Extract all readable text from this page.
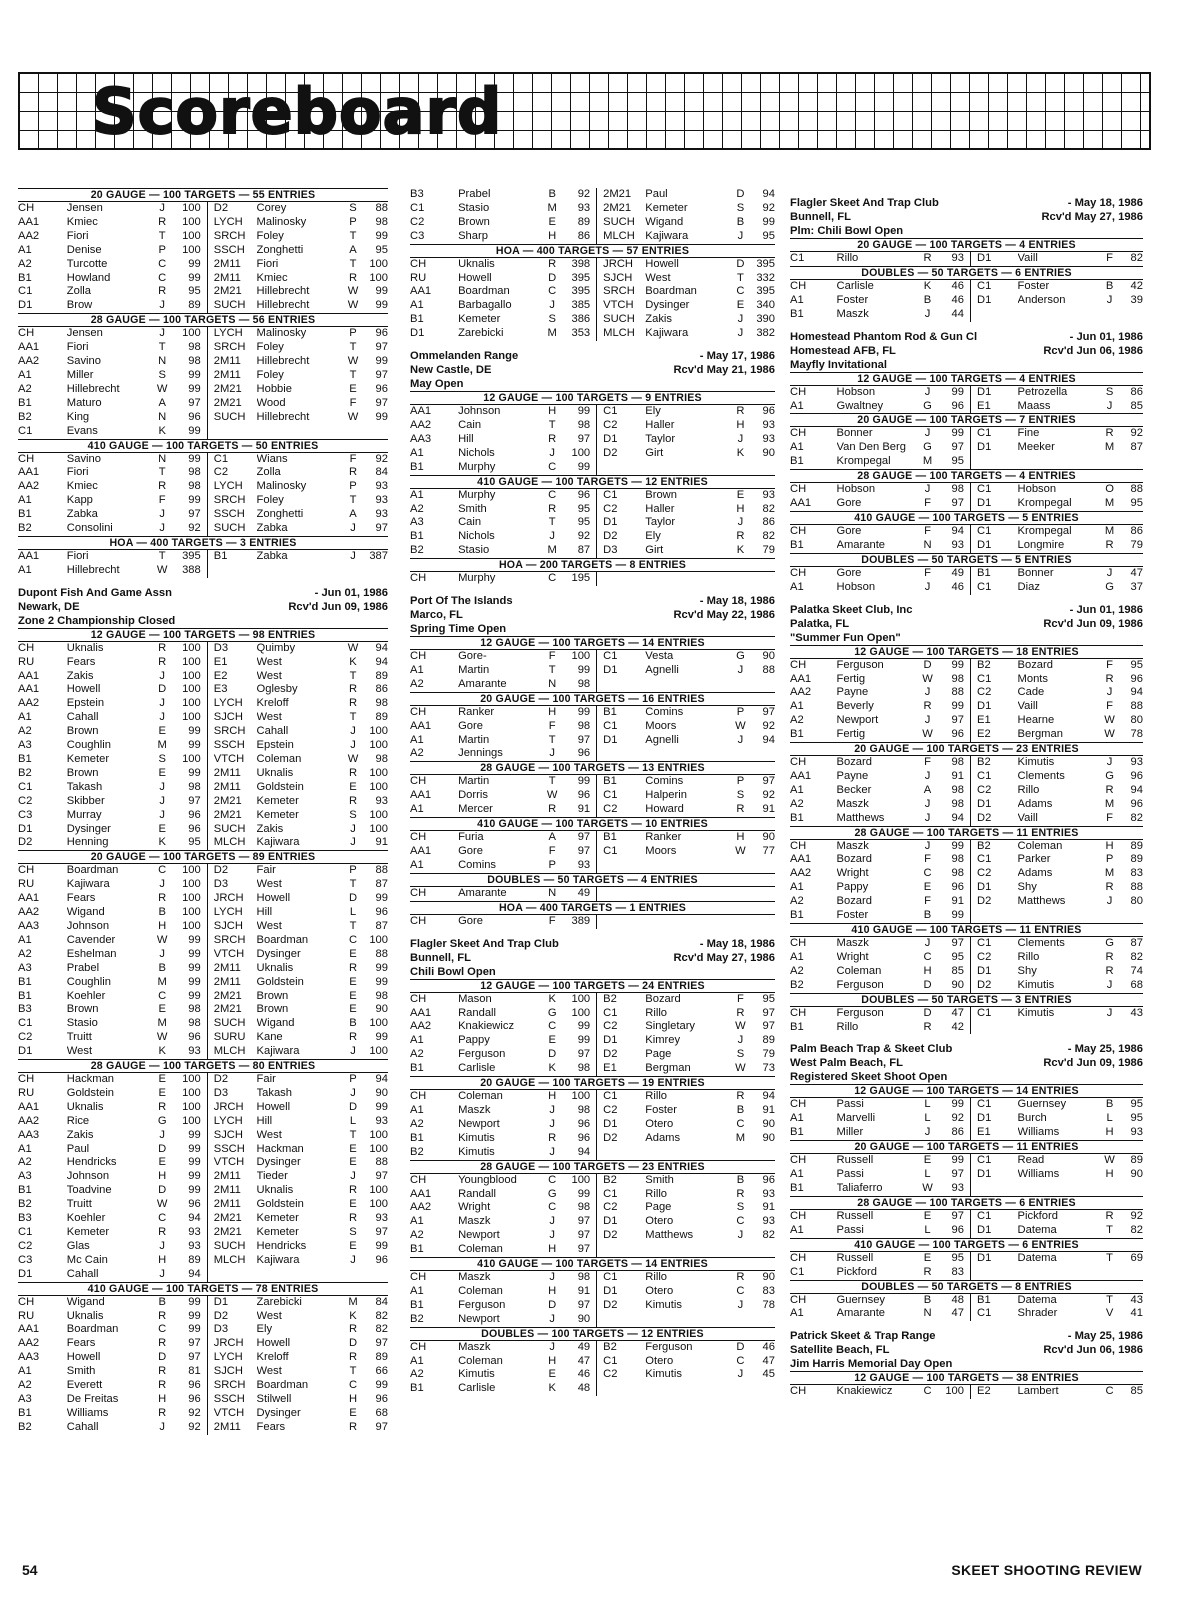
Scoreboard
20 GAUGE — 100 TARGETS — 55 ENTRIES
CH	Jensen	J	100	D2	Corey	S	88
AA1	Kmiec	R	100	LYCH	Malinosky	P	98
AA2	Fiori	T	100	SRCH	Foley	T	99
A1	Denise	P	100	SSCH	Zonghetti	A	95
A2	Turcotte	C	99	2M11	Fiori	T	100
B1	Howland	C	99	2M11	Kmiec	R	100
C1	Zolla	R	95	2M21	Hillebrecht	W	99
D1	Brow	J	89	SUCH	Hillebrecht	W	99
28 GAUGE — 100 TARGETS — 56 ENTRIES
CH	Jensen	J	100	LYCH	Malinosky	P	96
AA1	Fiori	T	98	SRCH	Foley	T	97
AA2	Savino	N	98	2M11	Hillebrecht	W	99
A1	Miller	S	99	2M11	Foley	T	97
A2	Hillebrecht	W	99	2M21	Hobbie	E	96
B1	Maturo	A	97	2M21	Wood	F	97
B2	King	N	96	SUCH	Hillebrecht	W	99
C1	Evans	K	99				
410 GAUGE — 100 TARGETS — 50 ENTRIES
CH	Savino	N	99	C1	Wians	F	92
AA1	Fiori	T	98	C2	Zolla	R	84
AA2	Kmiec	R	98	LYCH	Malinosky	P	93
A1	Kapp	F	99	SRCH	Foley	T	93
B1	Zabka	J	97	SSCH	Zonghetti	A	93
B2	Consolini	J	92	SUCH	Zabka	J	97
HOA — 400 TARGETS — 3 ENTRIES
AA1	Fiori	T	395	B1	Zabka	J	387
A1	Hillebrecht	W	388				
Dupont Fish And Game Assn	- Jun 01, 1986
Newark, DE	Rcv'd Jun 09, 1986
Zone 2 Championship Closed
12 GAUGE — 100 TARGETS — 98 ENTRIES
CH	Uknalis	R	100	D3	Quimby	W	94
RU	Fears	R	100	E1	West	K	94
AA1	Zakis	J	100	E2	West	T	89
AA1	Howell	D	100	E3	Oglesby	R	86
AA2	Epstein	J	100	LYCH	Kreloff	R	98
A1	Cahall	J	100	SJCH	West	T	89
A2	Brown	E	99	SRCH	Cahall	J	100
A3	Coughlin	M	99	SSCH	Epstein	J	100
B1	Kemeter	S	100	VTCH	Coleman	W	98
B2	Brown	E	99	2M11	Uknalis	R	100
C1	Takash	J	98	2M11	Goldstein	E	100
C2	Skibber	J	97	2M21	Kemeter	R	93
C3	Murray	J	96	2M21	Kemeter	S	100
D1	Dysinger	E	96	SUCH	Zakis	J	100
D2	Henning	K	95	MLCH	Kajiwara	J	91
20 GAUGE — 100 TARGETS — 89 ENTRIES
CH	Boardman	C	100	D2	Fair	P	88
RU	Kajiwara	J	100	D3	West	T	87
AA1	Fears	R	100	JRCH	Howell	D	99
AA2	Wigand	B	100	LYCH	Hill	L	96
AA3	Johnson	H	100	SJCH	West	T	87
A1	Cavender	W	99	SRCH	Boardman	C	100
A2	Eshelman	J	99	VTCH	Dysinger	E	88
A3	Prabel	B	99	2M11	Uknalis	R	99
B1	Coughlin	M	99	2M11	Goldstein	E	99
B1	Koehler	C	99	2M21	Brown	E	98
B3	Brown	E	98	2M21	Brown	E	90
C1	Stasio	M	98	SUCH	Wigand	B	100
C2	Truitt	W	96	SURU	Kane	R	99
D1	West	K	93	MLCH	Kajiwara	J	100
28 GAUGE — 100 TARGETS — 80 ENTRIES
CH	Hackman	E	100	D2	Fair	P	94
RU	Goldstein	E	100	D3	Takash	J	90
AA1	Uknalis	R	100	JRCH	Howell	D	99
AA2	Rice	G	100	LYCH	Hill	L	93
AA3	Zakis	J	99	SJCH	West	T	100
A1	Paul	D	99	SSCH	Hackman	E	100
A2	Hendricks	E	99	VTCH	Dysinger	E	88
A3	Johnson	H	99	2M11	Tieder	J	97
B1	Toadvine	D	99	2M11	Uknalis	R	100
B2	Truitt	W	96	2M11	Goldstein	E	100
B3	Koehler	C	94	2M21	Kemeter	R	93
C1	Kemeter	R	93	2M21	Kemeter	S	97
C2	Glas	J	93	SUCH	Hendricks	E	99
C3	Mc Cain	H	89	MLCH	Kajiwara	J	96
D1	Cahall	J	94				
410 GAUGE — 100 TARGETS — 78 ENTRIES
CH	Wigand	B	99	D1	Zarebicki	M	84
RU	Uknalis	R	99	D2	West	K	82
AA1	Boardman	C	99	D3	Ely	R	82
AA2	Fears	R	97	JRCH	Howell	D	97
AA3	Howell	D	97	LYCH	Kreloff	R	89
A1	Smith	R	81	SJCH	West	T	66
A2	Everett	R	96	SRCH	Boardman	C	99
A3	De Freitas	H	96	SSCH	Stilwell	H	96
B1	Williams	R	92	VTCH	Dysinger	E	68
B2	Cahall	J	92	2M11	Fears	R	97
B3	Prabel	B	92	2M21	Paul	D	94
C1	Stasio	M	93	2M21	Kemeter	S	92
C2	Brown	E	89	SUCH	Wigand	B	99
C3	Sharp	H	86	MLCH	Kajiwara	J	95
HOA — 400 TARGETS — 57 ENTRIES
CH	Uknalis	R	398	JRCH	Howell	D	395
RU	Howell	D	395	SJCH	West	T	332
AA1	Boardman	C	395	SRCH	Boardman	C	395
A1	Barbagallo	J	385	VTCH	Dysinger	E	340
B1	Kemeter	S	386	SUCH	Zakis	J	390
D1	Zarebicki	M	353	MLCH	Kajiwara	J	382
Ommelanden Range	- May 17, 1986
New Castle, DE	Rcv'd May 21, 1986
May Open
12 GAUGE — 100 TARGETS — 9 ENTRIES
AA1	Johnson	H	99	C1	Ely	R	96
AA2	Cain	T	98	C2	Haller	H	93
AA3	Hill	R	97	D1	Taylor	J	93
A1	Nichols	J	100	D2	Girt	K	90
B1	Murphy	C	99				
410 GAUGE — 100 TARGETS — 12 ENTRIES
A1	Murphy	C	96	C1	Brown	E	93
A2	Smith	R	95	C2	Haller	H	82
A3	Cain	T	95	D1	Taylor	J	86
B1	Nichols	J	92	D2	Ely	R	82
B2	Stasio	M	87	D3	Girt	K	79
HOA — 200 TARGETS — 8 ENTRIES
CH	Murphy	C	195				
Port Of The Islands	- May 18, 1986
Marco, FL	Rcv'd May 22, 1986
Spring Time Open
12 GAUGE — 100 TARGETS — 14 ENTRIES
CH	Gore-	F	100	C1	Vesta	G	90
A1	Martin	T	99	D1	Agnelli	J	88
A2	Amarante	N	98				
20 GAUGE — 100 TARGETS — 16 ENTRIES
CH	Ranker	H	99	B1	Comins	P	97
AA1	Gore	F	98	C1	Moors	W	92
A1	Martin	T	97	D1	Agnelli	J	94
A2	Jennings	J	96				
28 GAUGE — 100 TARGETS — 13 ENTRIES
CH	Martin	T	99	B1	Comins	P	97
AA1	Dorris	W	96	C1	Halperin	S	92
A1	Mercer	R	91	C2	Howard	R	91
410 GAUGE — 100 TARGETS — 10 ENTRIES
CH	Furia	A	97	B1	Ranker	H	90
AA1	Gore	F	97	C1	Moors	W	77
A1	Comins	P	93				
DOUBLES — 50 TARGETS — 4 ENTRIES
CH	Amarante	N	49				
HOA — 400 TARGETS — 1 ENTRIES
CH	Gore	F	389				
Flagler Skeet And Trap Club	- May 18, 1986
Bunnell, FL	Rcv'd May 27, 1986
Chili Bowl Open
12 GAUGE — 100 TARGETS — 24 ENTRIES
CH	Mason	K	100	B2	Bozard	F	95
AA1	Randall	G	100	C1	Rillo	R	97
AA2	Knakiewicz	C	99	C2	Singletary	W	97
A1	Pappy	E	99	D1	Kimrey	J	89
A2	Ferguson	D	97	D2	Page	S	79
B1	Carlisle	K	98	E1	Bergman	W	73
20 GAUGE — 100 TARGETS — 19 ENTRIES
CH	Coleman	H	100	C1	Rillo	R	94
A1	Maszk	J	98	C2	Foster	B	91
A2	Newport	J	96	D1	Otero	C	90
B1	Kimutis	R	96	D2	Adams	M	90
B2	Kimutis	J	94				
28 GAUGE — 100 TARGETS — 23 ENTRIES
CH	Youngblood	C	100	B2	Smith	B	96
AA1	Randall	G	99	C1	Rillo	R	93
AA2	Wright	C	98	C2	Page	S	91
A1	Maszk	J	97	D1	Otero	C	93
A2	Newport	J	97	D2	Matthews	J	82
B1	Coleman	H	97				
410 GAUGE — 100 TARGETS — 14 ENTRIES
CH	Maszk	J	98	C1	Rillo	R	90
A1	Coleman	H	91	D1	Otero	C	83
B1	Ferguson	D	97	D2	Kimutis	J	78
B2	Newport	J	90				
DOUBLES — 100 TARGETS — 12 ENTRIES
CH	Maszk	J	49	B2	Ferguson	D	46
A1	Coleman	H	47	C1	Otero	C	47
A2	Kimutis	E	46	C2	Kimutis	J	45
B1	Carlisle	K	48				
Flagler Skeet And Trap Club	- May 18, 1986
Bunnell, FL	Rcv'd May 27, 1986
Plm: Chili Bowl Open
20 GAUGE — 100 TARGETS — 4 ENTRIES
C1	Rillo	R	93	D1	Vaill	F	82
DOUBLES — 50 TARGETS — 6 ENTRIES
CH	Carlisle	K	46	C1	Foster	B	42
A1	Foster	B	46	D1	Anderson	J	39
B1	Maszk	J	44				
Homestead Phantom Rod & Gun Cl	- Jun 01, 1986
Homestead AFB, FL	Rcv'd Jun 06, 1986
Mayfly Invitational
12 GAUGE — 100 TARGETS — 4 ENTRIES
CH	Hobson	J	99	D1	Petrozella	S	86
A1	Gwaltney	G	96	E1	Maass	J	85
20 GAUGE — 100 TARGETS — 7 ENTRIES
CH	Bonner	J	99	C1	Fine	R	92
A1	Van Den Berg	G	97	D1	Meeker	M	87
B1	Krompegal	M	95				
28 GAUGE — 100 TARGETS — 4 ENTRIES
CH	Hobson	J	98	C1	Hobson	O	88
AA1	Gore	F	97	D1	Krompegal	M	95
410 GAUGE — 100 TARGETS — 5 ENTRIES
CH	Gore	F	94	C1	Krompegal	M	86
B1	Amarante	N	93	D1	Longmire	R	79
DOUBLES — 50 TARGETS — 5 ENTRIES
CH	Gore	F	49	B1	Bonner	J	47
A1	Hobson	J	46	C1	Diaz	G	37
Palatka Skeet Club, Inc	- Jun 01, 1986
Palatka, FL	Rcv'd Jun 09, 1986
"Summer Fun Open"
12 GAUGE — 100 TARGETS — 18 ENTRIES
CH	Ferguson	D	99	B2	Bozard	F	95
AA1	Fertig	W	98	C1	Monts	R	96
AA2	Payne	J	88	C2	Cade	J	94
A1	Beverly	R	99	D1	Vaill	F	88
A2	Newport	J	97	E1	Hearne	W	80
B1	Fertig	W	96	E2	Bergman	W	78
20 GAUGE — 100 TARGETS — 23 ENTRIES
CH	Bozard	F	98	B2	Kimutis	J	93
AA1	Payne	J	91	C1	Clements	G	96
A1	Becker	A	98	C2	Rillo	R	94
A2	Maszk	J	98	D1	Adams	M	96
B1	Matthews	J	94	D2	Vaill	F	82
28 GAUGE — 100 TARGETS — 11 ENTRIES
CH	Maszk	J	99	B2	Coleman	H	89
AA1	Bozard	F	98	C1	Parker	P	89
AA2	Wright	C	98	C2	Adams	M	83
A1	Pappy	E	96	D1	Shy	R	88
A2	Bozard	F	91	D2	Matthews	J	80
B1	Foster	B	99				
410 GAUGE — 100 TARGETS — 11 ENTRIES
CH	Maszk	J	97	C1	Clements	G	87
A1	Wright	C	95	C2	Rillo	R	82
A2	Coleman	H	85	D1	Shy	R	74
B2	Ferguson	D	90	D2	Kimutis	J	68
DOUBLES — 50 TARGETS — 3 ENTRIES
CH	Ferguson	D	47	C1	Kimutis	J	43
B1	Rillo	R	42				
Palm Beach Trap & Skeet Club	- May 25, 1986
West Palm Beach, FL	Rcv'd Jun 09, 1986
Registered Skeet Shoot Open
12 GAUGE — 100 TARGETS — 14 ENTRIES
CH	Passi	L	99	C1	Guernsey	B	95
A1	Marvelli	L	92	D1	Burch	L	95
B1	Miller	J	86	E1	Williams	H	93
20 GAUGE — 100 TARGETS — 11 ENTRIES
CH	Russell	E	99	C1	Read	W	89
A1	Passi	L	97	D1	Williams	H	90
B1	Taliaferro	W	93				
28 GAUGE — 100 TARGETS — 6 ENTRIES
CH	Russell	E	97	C1	Pickford	R	92
A1	Passi	L	96	D1	Datema	T	82
410 GAUGE — 100 TARGETS — 6 ENTRIES
CH	Russell	E	95	D1	Datema	T	69
C1	Pickford	R	83				
DOUBLES — 50 TARGETS — 8 ENTRIES
CH	Guernsey	B	48	B1	Datema	T	43
A1	Amarante	N	47	C1	Shrader	V	41
Patrick Skeet & Trap Range	- May 25, 1986
Satellite Beach, FL	Rcv'd Jun 06, 1986
Jim Harris Memorial Day Open
12 GAUGE — 100 TARGETS — 38 ENTRIES
CH	Knakiewicz	C	100	E2	Lambert	C	85
54	SKEET SHOOTING REVIEW
